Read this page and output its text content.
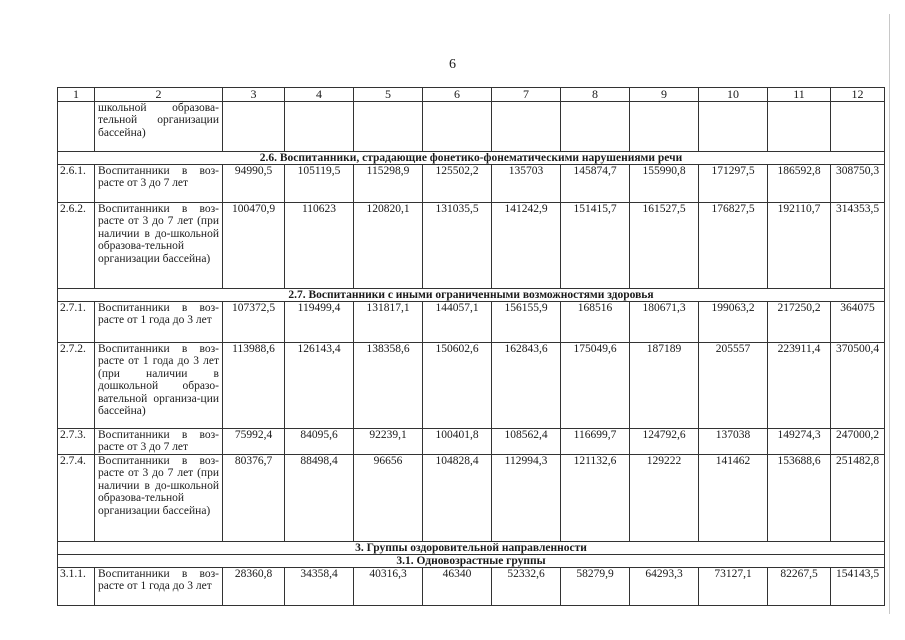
6
1	2	3	4	5	6	7	8	9	10	11	12
	школьной образова-тельной организации бассейна)										
2.6. Воспитанники, страдающие фонетико-фонематическими нарушениями речи											
2.6.1.	Воспитанники в воз-расте от 3 до 7 лет	94990,5	105119,5	115298,9	125502,2	135703	145874,7	155990,8	171297,5	186592,8	308750,3
2.6.2.	Воспитанники в воз-расте от 3 до 7 лет (при наличии в до-школьной образова-тельной организации бассейна)	100470,9	110623	120820,1	131035,5	141242,9	151415,7	161527,5	176827,5	192110,7	314353,5
2.7. Воспитанники с иными ограниченными возможностями здоровья											
2.7.1.	Воспитанники в воз-расте от 1 года до 3 лет	107372,5	119499,4	131817,1	144057,1	156155,9	168516	180671,3	199063,2	217250,2	364075
2.7.2.	Воспитанники в воз-расте от 1 года до 3 лет (при наличии в дошкольной образо-вательной организа-ции бассейна)	113988,6	126143,4	138358,6	150602,6	162843,6	175049,6	187189	205557	223911,4	370500,4
2.7.3.	Воспитанники в воз-расте от 3 до 7 лет	75992,4	84095,6	92239,1	100401,8	108562,4	116699,7	124792,6	137038	149274,3	247000,2
2.7.4.	Воспитанники в воз-расте от 3 до 7 лет (при наличии в до-школьной образова-тельной организации бассейна)	80376,7	88498,4	96656	104828,4	112994,3	121132,6	129222	141462	153688,6	251482,8
3. Группы оздоровительной направленности											
3.1. Одновозрастные группы											
3.1.1.	Воспитанники в воз-расте от 1 года до 3 лет	28360,8	34358,4	40316,3	46340	52332,6	58279,9	64293,3	73127,1	82267,5	154143,5
